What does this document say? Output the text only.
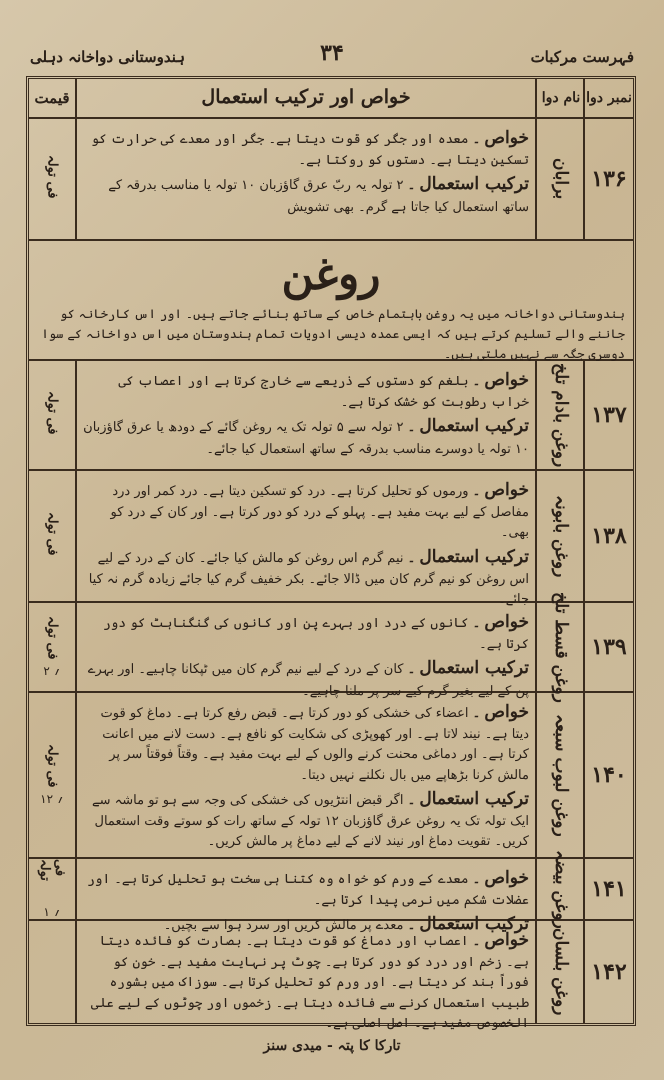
ہندوستانی دواخانہ دہلی	۳۴	فہرست مرکبات
نمبر دوا
نام دوا
خواص اور ترکیب استعمال
قیمت
۱۳۶
برابان
خواص ۔ معدہ اور جگر کو قوت دیتا ہے۔ جگر اور معدے کی حرارت کو تسکین دیتا ہے۔ دستوں کو روکتا ہے۔
ترکیب استعمال ۔ ۲ تولہ یہ ربّ عرق گاؤزبان ۱۰ تولہ یا مناسب بدرقہ کے ساتھ استعمال کیا جاتا ہے گرم۔ بھی تشویش
فی تولہ
روغن
ہندوستانی دواخانہ میں یہ روغن باہتمام خاص کے ساتھ بنائے جاتے ہیں۔ اور اس کارخانہ کو جاننے والے تسلیم کرتے ہیں کہ ایسی عمدہ دیسی ادویات تمام ہندوستان میں اس دواخانہ کے سوا دوسری جگہ سے نہیں ملتی ہیں۔
۱۳۷
روغن بادام تلخ
خواص ۔ بلغم کو دستوں کے ذریعے سے خارج کرتا ہے اور اعصاب کی خراب رطوبت کو خشک کرتا ہے۔
ترکیب استعمال ۔ ۲ تولہ سے ۵ تولہ تک یہ روغن گائے کے دودھ یا عرق گاؤزبان ۱۰ تولہ یا دوسرے مناسب بدرقہ کے ساتھ استعمال کیا جائے۔
فی تولہ
۱۳۸
روغن بابونہ
خواص ۔ ورموں کو تحلیل کرتا ہے۔ درد کو تسکین دیتا ہے۔ درد کمر اور درد مفاصل کے لیے بہت مفید ہے۔ پہلو کے درد کو دور کرتا ہے۔ اور کان کے درد کو بھی۔
ترکیب استعمال ۔ نیم گرم اس روغن کو مالش کیا جائے۔ کان کے درد کے لیے اس روغن کو نیم گرم کان میں ڈالا جائے۔ بکر خفیف گرم کیا جائے زیادہ گرم نہ کیا جائے۔
فی تولہ
۱۳۹
روغن قسط تلخ
خواص ۔ کانوں کے درد اور بہرے پن اور کانوں کی گنگناہٹ کو دور کرتا ہے۔
ترکیب استعمال ۔ کان کے درد کے لیے نیم گرم کان میں ٹپکانا چاہیے۔ اور بہرے پن کے لیے بغیر گرم کیے سر پر ملنا چاہیے۔
فی تولہ
۲ ؍
۱۴۰
روغن لبوب سبعہ
خواص ۔ اعضاء کی خشکی کو دور کرتا ہے۔ قبض رفع کرتا ہے۔ دماغ کو قوت دیتا ہے۔ نیند لاتا ہے۔ اور کھوپڑی کی شکایت کو نافع ہے۔ دست لانے میں اعانت کرتا ہے۔ اور دماغی محنت کرنے والوں کے لیے بہت مفید ہے۔ وقتاً فوقتاً سر پر مالش کرنا بڑھاپے میں بال نکلنے نہیں دیتا۔
ترکیب استعمال ۔ اگر قبض انتڑیوں کی خشکی کی وجہ سے ہو تو ماشہ سے ایک تولہ تک یہ روغن عرق گاؤزبان ۱۲ تولہ کے ساتھ رات کو سوتے وقت استعمال کریں۔ تقویت دماغ اور نیند لانے کے لیے دماغ پر مالش کریں۔
فی تولہ
۱۲ ؍
۱۴۱
روغن بیضہ
خواص ۔ معدے کے ورم کو خواہ وہ کتنا ہی سخت ہو تحلیل کرتا ہے۔ اور عضلات شکم میں نرمی پیدا کرتا ہے۔
ترکیب استعمال ۔ معدے پر مالش کریں اور سرد ہوا سے بچیں۔
فی تولہ
۱ ؍
۱۴۲
روغن بلسان
خواص ۔ اعصاب اور دماغ کو قوت دیتا ہے۔ بصارت کو فائدہ دیتا ہے۔ زخم اور درد کو دور کرتا ہے۔ چوٹ پر نہایت مفید ہے۔ خون کو فوراً بند کر دیتا ہے۔ اور ورم کو تحلیل کرتا ہے۔ سوزاک میں بشورہ طبیب استعمال کرنے سے فائدہ دیتا ہے۔ زخموں اور چوٹوں کے لیے علی الخصوص مفید ہے۔ اصل اصلی ہے۔
تارکا کا پتہ - میدی سنز
